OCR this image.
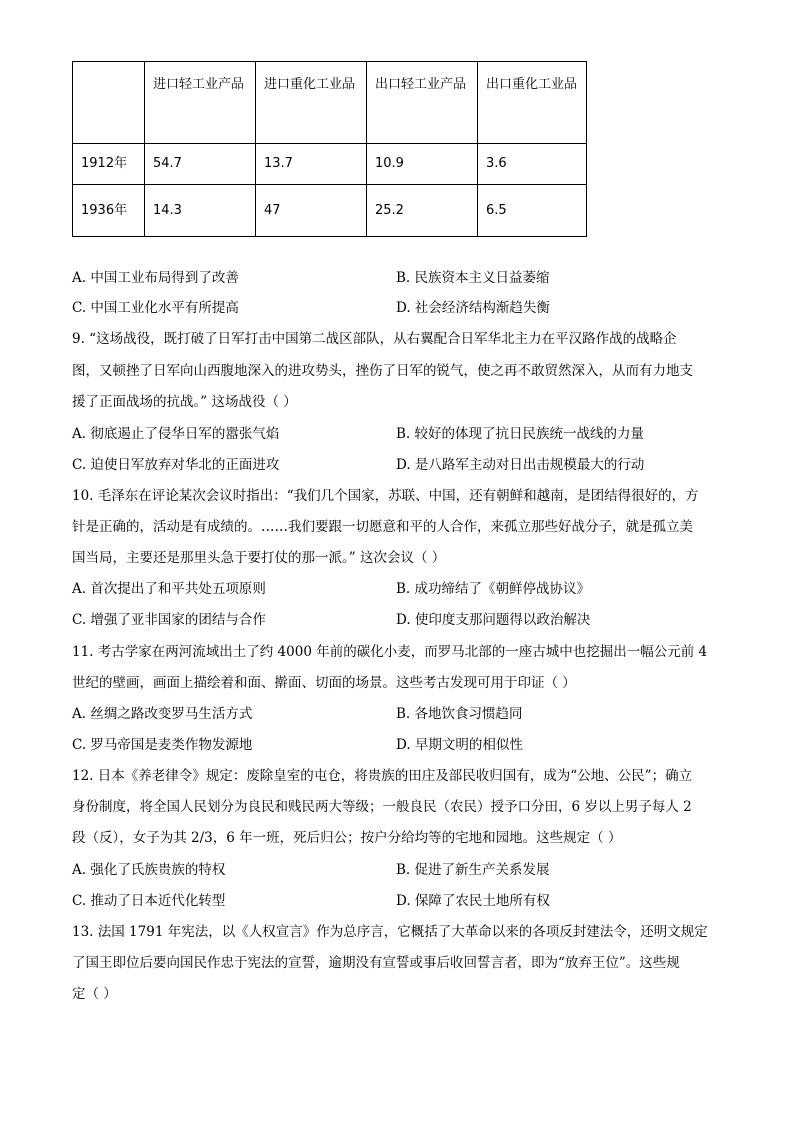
	进口轻工业产品	进口重化工业品	出口轻工业产品	出口重化工业品
1912年	54.7	13.7	10.9	3.6
1936年	14.3	47	25.2	6.5
A. 中国工业布局得到了改善	B. 民族资本主义日益萎缩
C. 中国工业化水平有所提高	D. 社会经济结构渐趋失衡
9. “这场战役，既打破了日军打击中国第二战区部队，从右翼配合日军华北主力在平汉路作战的战略企
图，又顿挫了日军向山西腹地深入的进攻势头，挫伤了日军的锐气，使之再不敢贸然深入，从而有力地支
援了正面战场的抗战。” 这场战役（ ）
A. 彻底遏止了侵华日军的嚣张气焰	B. 较好的体现了抗日民族统一战线的力量
C. 迫使日军放弃对华北的正面进攻	D. 是八路军主动对日出击规模最大的行动
10. 毛泽东在评论某次会议时指出：“我们几个国家，苏联、中国，还有朝鲜和越南，是团结得很好的，方
针是正确的，活动是有成绩的。……我们要跟一切愿意和平的人合作，来孤立那些好战分子，就是孤立美
国当局，主要还是那里头急于要打仗的那一派。” 这次会议（ ）
A. 首次提出了和平共处五项原则	B. 成功缔结了《朝鲜停战协议》
C. 增强了亚非国家的团结与合作	D. 使印度支那问题得以政治解决
11. 考古学家在两河流域出土了约 4000 年前的碳化小麦，而罗马北部的一座古城中也挖掘出一幅公元前 4
世纪的壁画，画面上描绘着和面、擀面、切面的场景。这些考古发现可用于印证（ ）
A. 丝绸之路改变罗马生活方式	B. 各地饮食习惯趋同
C. 罗马帝国是麦类作物发源地	D. 早期文明的相似性
12. 日本《养老律令》规定：废除皇室的屯仓，将贵族的田庄及部民收归国有，成为“公地、公民”；确立
身份制度，将全国人民划分为良民和贱民两大等级；一般良民（农民）授予口分田，6 岁以上男子每人 2
段（反），女子为其 2/3，6 年一班，死后归公；按户分给均等的宅地和园地。这些规定（ ）
A. 强化了氏族贵族的特权	B. 促进了新生产关系发展
C. 推动了日本近代化转型	D. 保障了农民土地所有权
13. 法国 1791 年宪法，以《人权宣言》作为总序言，它概括了大革命以来的各项反封建法令，还明文规定
了国王即位后要向国民作忠于宪法的宣誓，逾期没有宣誓或事后收回誓言者，即为“放弃王位”。这些规
定（ ）
